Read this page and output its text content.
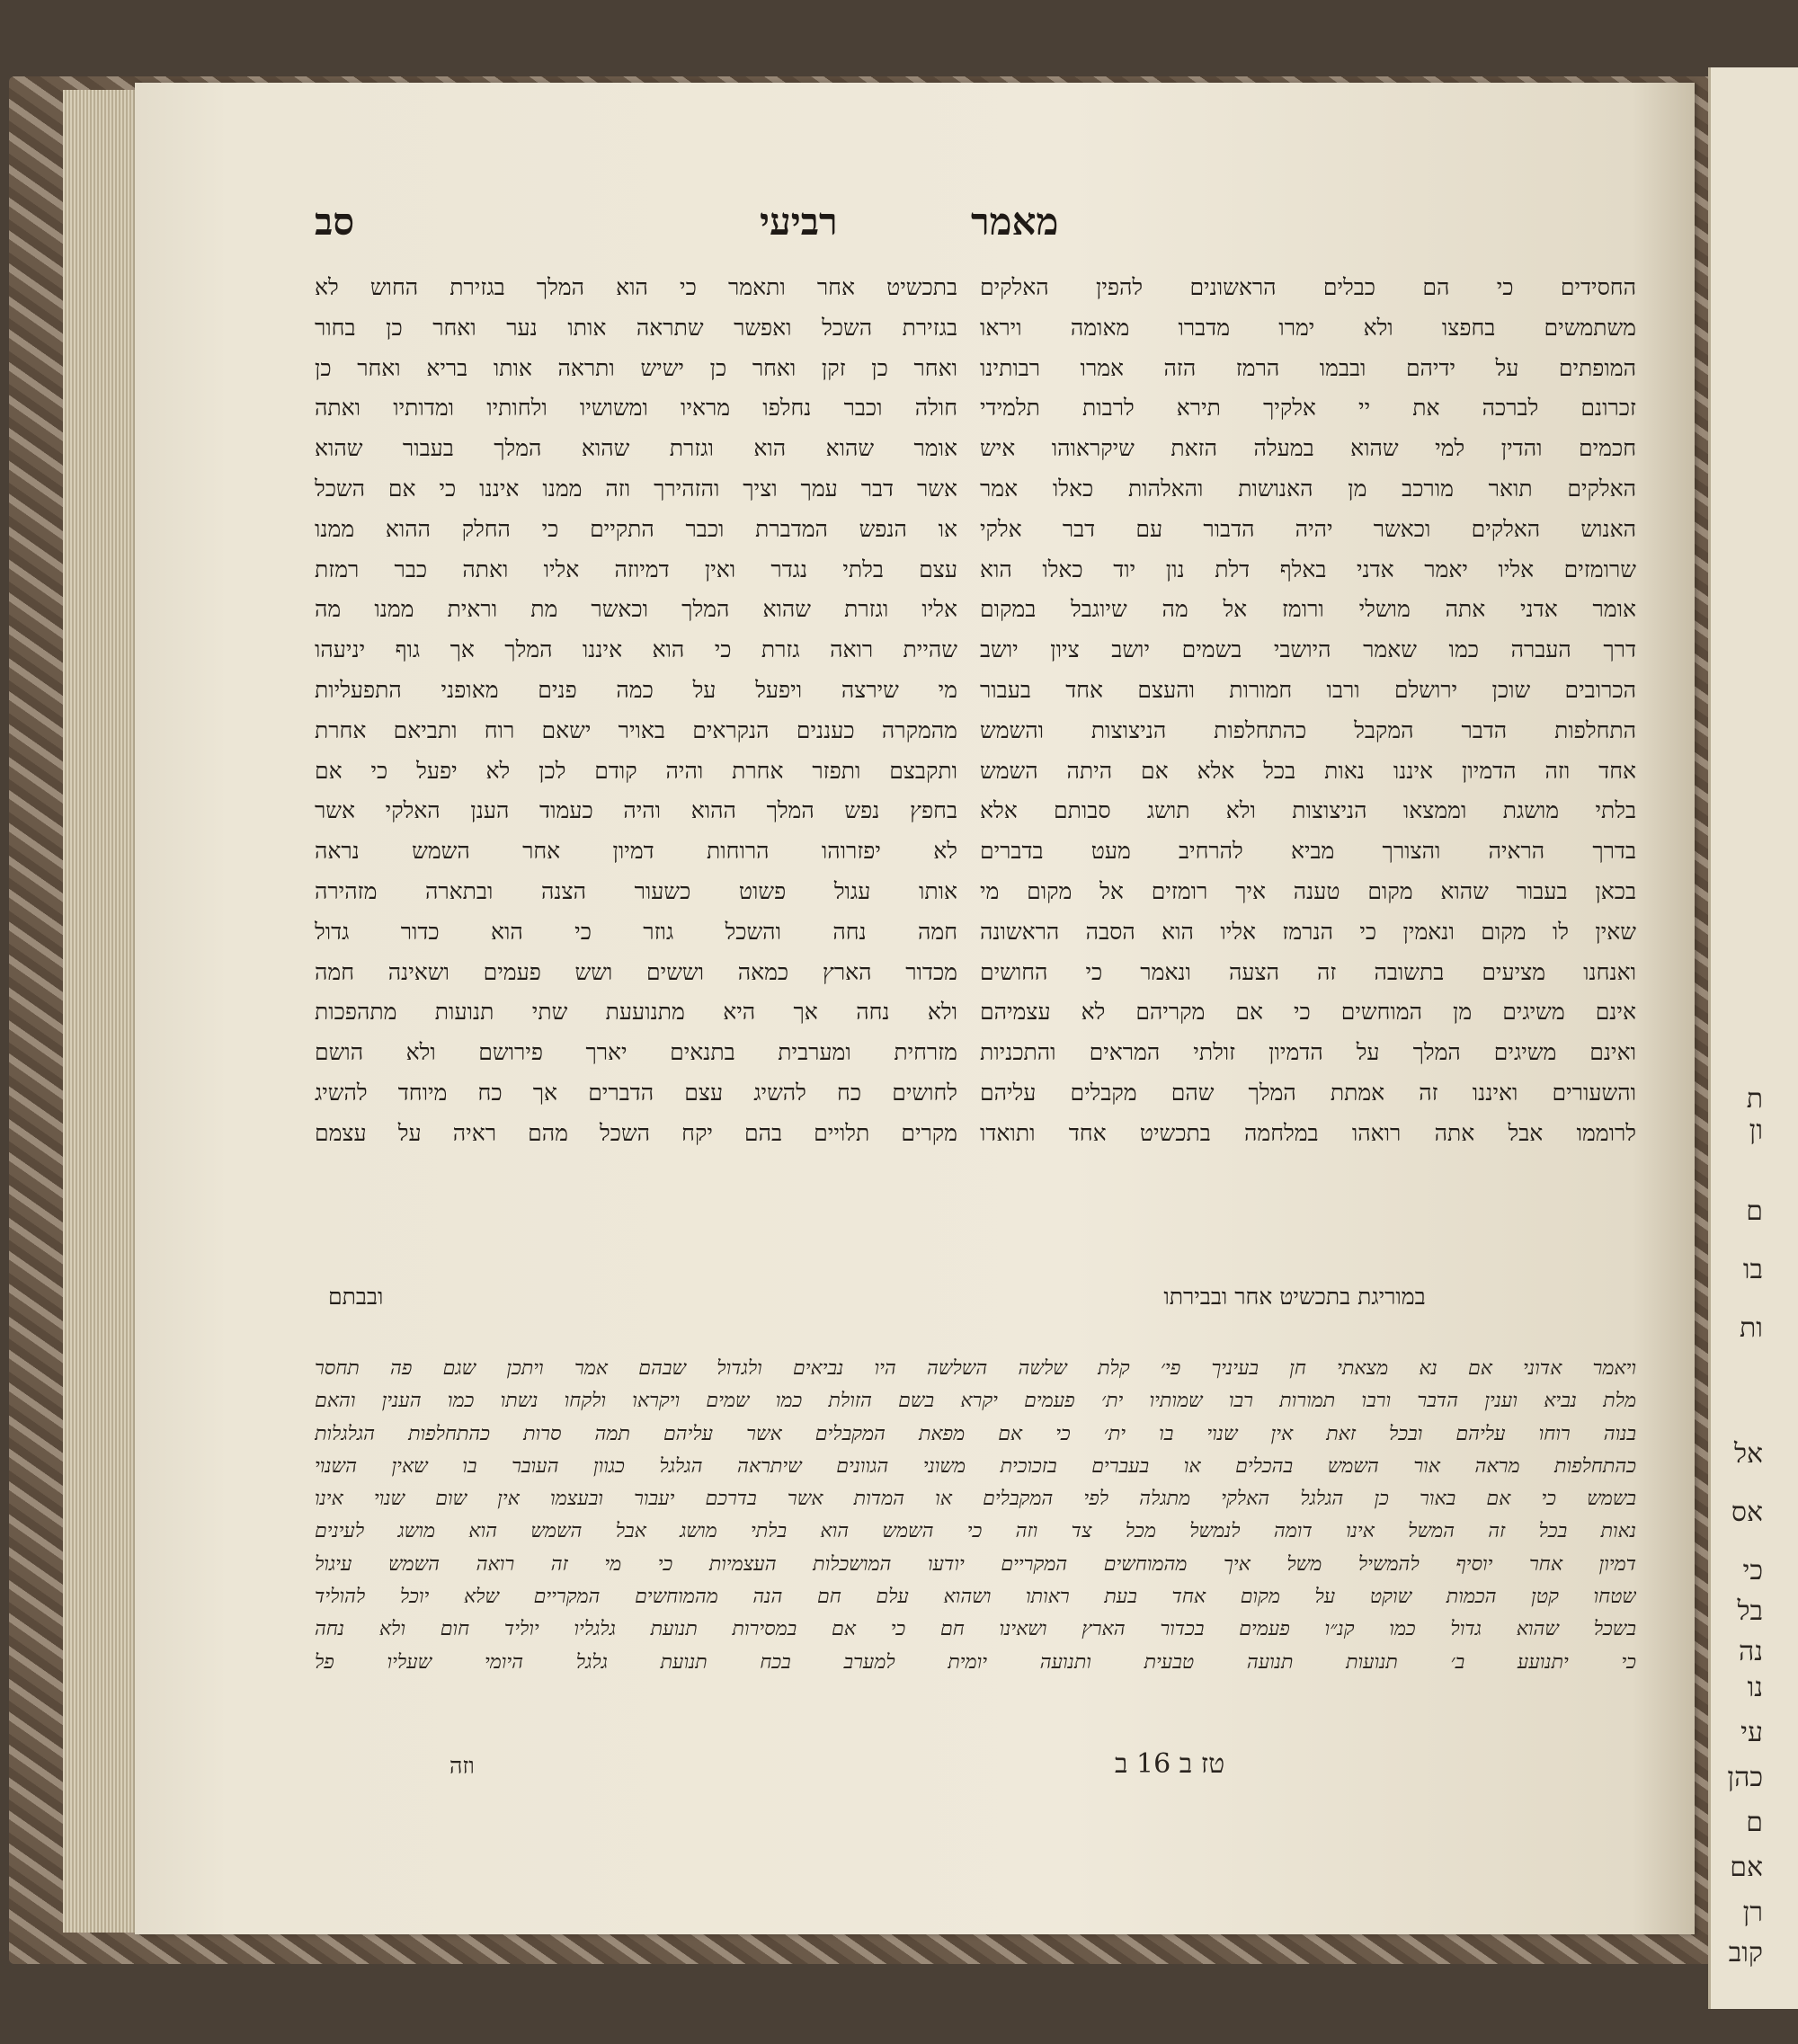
ת
ון
ם
בו
ות
אל
אס
כי
בל
נה
נו
עי
כהן
ם
אם
רן
קוב
מאמר
רביעי
סב
החסידים כי הם כבלים הראשונים להפין האלקים
משתמשים בחפצו ולא ימרו מדברו מאומה ויראו
המופתים על ידיהם ובבמו הרמז הזה אמרו רבותינו
זכרונם לברכה את יי אלקיך תירא לרבות תלמידי
חכמים והדין למי שהוא במעלה הזאת שיקראוהו איש
האלקים תואר מורכב מן האנושות והאלהות כאלו אמר
האנוש האלקים וכאשר יהיה הדבור עם דבר אלקי
שרומזים אליו יאמר אדני באלף דלת נון יוד כאלו הוא
אומר אדני אתה מושלי ורומז אל מה שיוגבל במקום
דרך העברה כמו שאמר היושבי בשמים יושב ציון יושב
הכרובים שוכן ירושלם ורבו חמורות והעצם אחד בעבור
התחלפות הדבר המקבל כהתחלפות הניצוצות והשמש
אחד וזה הדמיון איננו נאות בכל אלא אם היתה השמש
בלתי מושגת וממצאו הניצוצות ולא תושג סבותם אלא
בדרך הראיה והצורך מביא להרחיב מעט בדברים
בכאן בעבור שהוא מקום טענה איך רומזים אל מקום מי
שאין לו מקום ונאמין כי הנרמז אליו הוא הסבה הראשונה
ואנחנו מציעים בתשובה זה הצעה ונאמר כי החושים
אינם משיגים מן המוחשים כי אם מקריהם לא עצמיהם
ואינם משיגים המלך על הדמיון זולתי המראים והתכניות
והשעורים ואיננו זה אמתת המלך שהם מקבלים עליהם
לרוממו אבל אתה רואהו במלחמה בתכשיט אחד ותואדו
במוריגת בתכשיט אחר ובבירתו
בתכשיט אחר ותאמר כי הוא המלך בגזירת החוש לא
בגזירת השכל ואפשר שתראה אותו נער ואחר כן בחור
ואחר כן זקן ואחר כן ישיש ותראה אותו בריא ואחר כן
חולה וכבר נחלפו מראיו ומשושיו ולחותיו ומדותיו ואתה
אומר שהוא הוא וגזרת שהוא המלך בעבור שהוא
אשר דבר עמך וציך והזהירך וזה ממנו איננו כי אם השכל
או הנפש המדברת וכבר התקיים כי החלק ההוא ממנו
עצם בלתי נגדר ואין דמיוזה אליו ואתה כבר רמזת
אליו וגזרת שהוא המלך וכאשר מת וראית ממנו מה
שהיית רואה גזרת כי הוא איננו המלך אך גוף יניעהו
מי שירצה ויפעל על כמה פנים מאופני התפעליות
מהמקרה כעננים הנקראים באויר ישאם רוח ותביאם אחרת
ותקבצם ותפזר אחרת והיה קודם לכן לא יפעל כי אם
בחפץ נפש המלך ההוא והיה כעמוד הענן האלקי אשר
לא יפזרוהו הרוחות דמיון אחר השמש נראה
אותו עגול פשוט כשעור הצנה ובתארה מזהירה
חמה נחה והשכל גוזר כי הוא כדור גדול
מכדור הארץ כמאה וששים ושש פעמים ושאינה חמה
ולא נחה אך היא מתנועעת שתי תנועות מתהפכות
מזרחית ומערבית בתנאים יארך פירושם ולא הושם
לחושים כח להשיג עצם הדברים אך כח מיוחד להשיג
מקרים תלויים בהם יקח השכל מהם ראיה על עצמם
ובבתם
ויאמר אדוני אם נא מצאתי חן בעיניך פי׳ קלת שלשה השלשה היו נביאים ולגדול שבהם אמר ויתכן שגם פה תחסר
מלת נביא וענין הדבר ורבו תמורות רבו שמותיו ית׳ פעמים יקרא בשם הזולת כמו שמים ויקראו ולקחו נשתו כמו הענין והאם
בנוה רוחו עליהם ובכל זאת אין שנוי בו ית׳ כי אם מפאת המקבלים אשר עליהם תמה סרות כהתחלפות הגלגלות
כהתחלפות מראה אור השמש בהכלים או בעברים בזכוכית משוני הגוונים שיתראה הגלגל כגוון העובר בו שאין השנוי
בשמש כי אם באור כן הגלגל האלקי מתגלה לפי המקבלים או המדות אשר בדרכם יעבור ובעצמו אין שום שנוי אינו
נאות בכל זה המשל אינו דומה לנמשל מכל צד וזה כי השמש הוא בלתי מושג אבל השמש הוא מושג לעינים
דמיון אחר יוסיף להמשיל משל איך מהמוחשים המקריים יודעו המושכלות העצמיות כי מי זה רואה השמש עיגול
שטחו קטן הכמות שוקט על מקום אחד בעת ראותו ושהוא עלם חם הנה מהמוחשים המקריים שלא יוכל להוליד
בשכל שהוא גדול כמו קנ״ו פעמים בכדור הארץ ושאינו חם כי אם במסירות תנועת גלגליו יוליד חום ולא נחה
כי יתנועע ב׳ תנועות תנועה טבעית ותנועה יומית למערב בכח תנועת גלגל היומי שעליו פל
טז ב 16 ב
וזה
